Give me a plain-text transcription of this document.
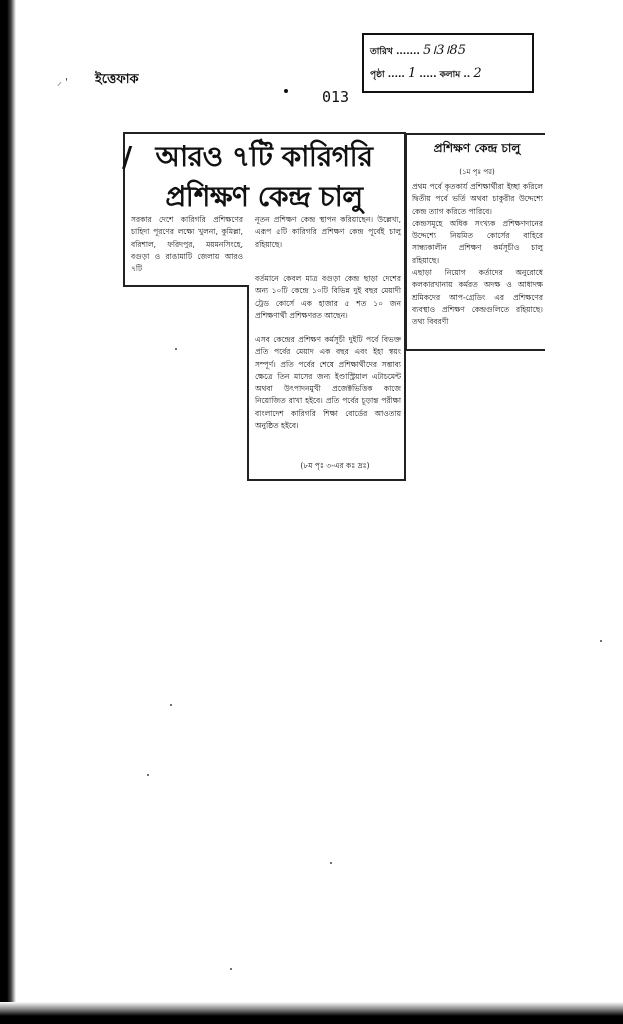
⸝ ' ইত্তেফাক
013
তারিখ ....... 5।3।85
পৃষ্ঠা ..... 1 ..... কলাম .. 2
/ আরও ৭টি কারিগরি
প্রশিক্ষণ কেন্দ্র চালু
সরকার দেশে কারিগরি প্রশিক্ষণের চাহিদা পূরণের লক্ষ্যে খুলনা, কুমিল্লা, বরিশাল, ফরিদপুর, ময়মনসিংহে, বগুড়া ও রাঙামাটি জেলায় আরও ৭টি

নূতন প্রশিক্ষণ কেন্দ্র স্থাপন করিয়াছেন। উল্লেখ্য, এরূপ ৫টি কারিগরি প্রশিক্ষণ কেন্দ্র পূর্বেই চালু রহিয়াছে।

বর্তমানে কেবল মাত্র বগুড়া কেন্দ্র ছাড়া দেশের অন্য ১০টি কেন্দ্রে ১০টি বিভিন্ন দুই বছর মেয়াদী ট্রেড কোর্সে এক হাজার ৫ শত ১০ জন প্রশিক্ষণার্থী প্রশিক্ষণরত আছেন।

এসব কেন্দ্রের প্রশিক্ষণ কর্মসূচী দুইটি পর্বে বিভক্ত প্রতি পর্বের মেয়াদ এক বছর এবং ইহা স্বয়ং সম্পূর্ণ। প্রতি পর্বের শেষে প্রশিক্ষার্থীদের সম্ভাব্য ক্ষেত্রে তিন মাসের জন্য ইণ্ডাস্ট্রিয়াল এটাচমেন্ট অথবা উৎপাদনমুখী প্রজেক্টভিত্তিক কাজে নিয়োজিত রাখা হইবে। প্রতি পর্বের চূড়ান্ত পরীক্ষা বাংলাদেশ কারিগরি শিক্ষা বোর্ডের আওতায় অনুষ্ঠিত হইবে।

(৮ম পৃঃ ৩-এর কঃ দ্রঃ)
প্রশিক্ষণ কেন্দ্র চালু
(১ম পৃঃ পর)

প্রথম পর্বে কৃতকার্য প্রশিক্ষার্থীরা ইচ্ছা করিলে দ্বিতীয় পর্বে ভর্তি অথবা চাকুরীর উদ্দেশ্যে কেন্দ্র ত্যাগ করিতে পারিবে।

কেন্দ্রসমূহে অধিক সংখ্যক প্রশিক্ষণদানের উদ্দেশ্যে নিয়মিত কোর্সের বাহিরে সান্ধ্যকালীন প্রশিক্ষণ কর্মসূচীও চালু রহিয়াছে।

এছাড়া নিয়োগ কর্তাদের অনুরোধে কলকারখানায় কর্মরত অদক্ষ ও আধাদক্ষ শ্রমিকদের আপ-গ্রেডিং এর প্রশিক্ষণের ব্যবস্থাও প্রশিক্ষণ কেন্দ্রগুলিতে রহিয়াছে। তথ্য বিবরণী
